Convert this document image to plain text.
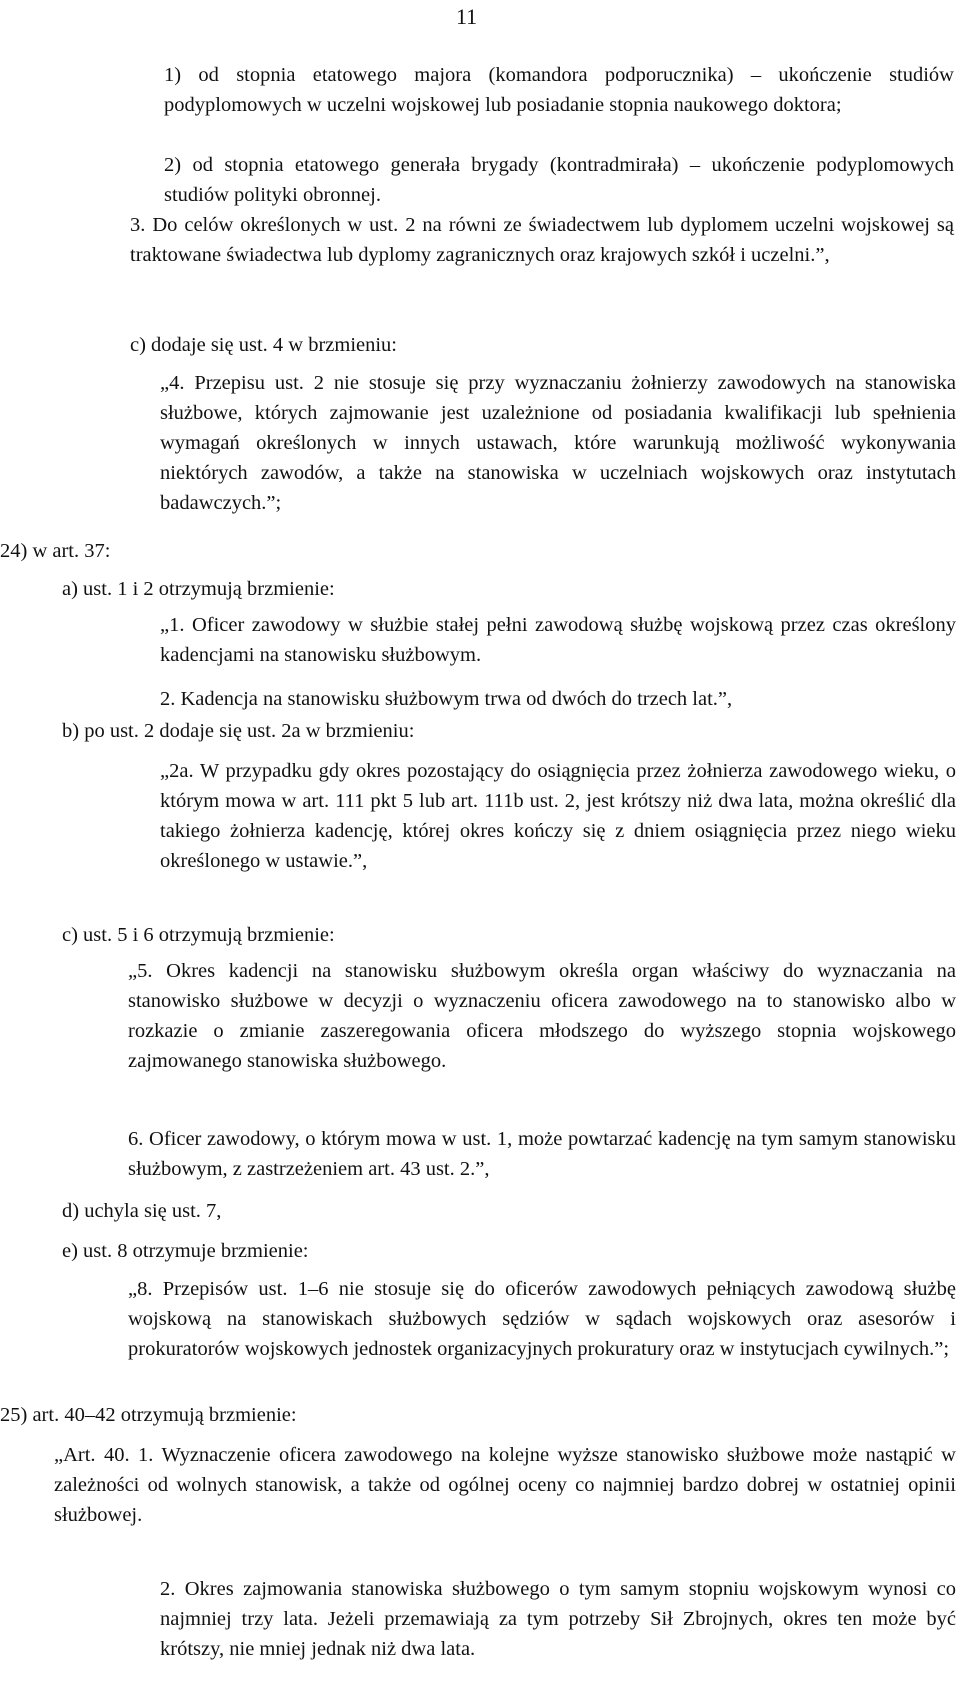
11

1) od stopnia etatowego majora (komandora podporucznika) – ukończenie studiów podyplomowych w uczelni wojskowej lub posiadanie stopnia naukowego doktora;

2) od stopnia etatowego generała brygady (kontradmirała) – ukończenie podyplomowych studiów polityki obronnej.

3. Do celów określonych w ust. 2 na równi ze świadectwem lub dyplomem uczelni wojskowej są traktowane świadectwa lub dyplomy zagranicznych oraz krajowych szkół i uczelni.”,

c) dodaje się ust. 4 w brzmieniu:

„4. Przepisu ust. 2 nie stosuje się przy wyznaczaniu żołnierzy zawodowych na stanowiska służbowe, których zajmowanie jest uzależnione od posiadania kwalifikacji lub spełnienia wymagań określonych w innych ustawach, które warunkują możliwość wykonywania niektórych zawodów, a także na stanowiska w uczelniach wojskowych oraz instytutach badawczych.”;

24) w art. 37:

a) ust. 1 i 2 otrzymują brzmienie:

„1. Oficer zawodowy w służbie stałej pełni zawodową służbę wojskową przez czas określony kadencjami na stanowisku służbowym.

2. Kadencja na stanowisku służbowym trwa od dwóch do trzech lat.”,

b) po ust. 2 dodaje się ust. 2a w brzmieniu:

„2a. W przypadku gdy okres pozostający do osiągnięcia przez żołnierza zawodowego wieku, o którym mowa w art. 111 pkt 5 lub art. 111b ust. 2, jest krótszy niż dwa lata, można określić dla takiego żołnierza kadencję, której okres kończy się z dniem osiągnięcia przez niego wieku określonego w ustawie.”,

c) ust. 5 i 6 otrzymują brzmienie:

„5. Okres kadencji na stanowisku służbowym określa organ właściwy do wyznaczania na stanowisko służbowe w decyzji o wyznaczeniu oficera zawodowego na to stanowisko albo w rozkazie o zmianie zaszeregowania oficera młodszego do wyższego stopnia wojskowego zajmowanego stanowiska służbowego.

6. Oficer zawodowy, o którym mowa w ust. 1, może powtarzać kadencję na tym samym stanowisku służbowym, z zastrzeżeniem art. 43 ust. 2.”,

d) uchyla się ust. 7,

e) ust. 8 otrzymuje brzmienie:

„8. Przepisów ust. 1–6 nie stosuje się do oficerów zawodowych pełniących zawodową służbę wojskową na stanowiskach służbowych sędziów w sądach wojskowych oraz asesorów i prokuratorów wojskowych jednostek organizacyjnych prokuratury oraz w instytucjach cywilnych.”;

25) art. 40–42 otrzymują brzmienie:

„Art. 40. 1. Wyznaczenie oficera zawodowego na kolejne wyższe stanowisko służbowe może nastąpić w zależności od wolnych stanowisk, a także od ogólnej oceny co najmniej bardzo dobrej w ostatniej opinii służbowej.

2. Okres zajmowania stanowiska służbowego o tym samym stopniu wojskowym wynosi co najmniej trzy lata. Jeżeli przemawiają za tym potrzeby Sił Zbrojnych, okres ten może być krótszy, nie mniej jednak niż dwa lata.
